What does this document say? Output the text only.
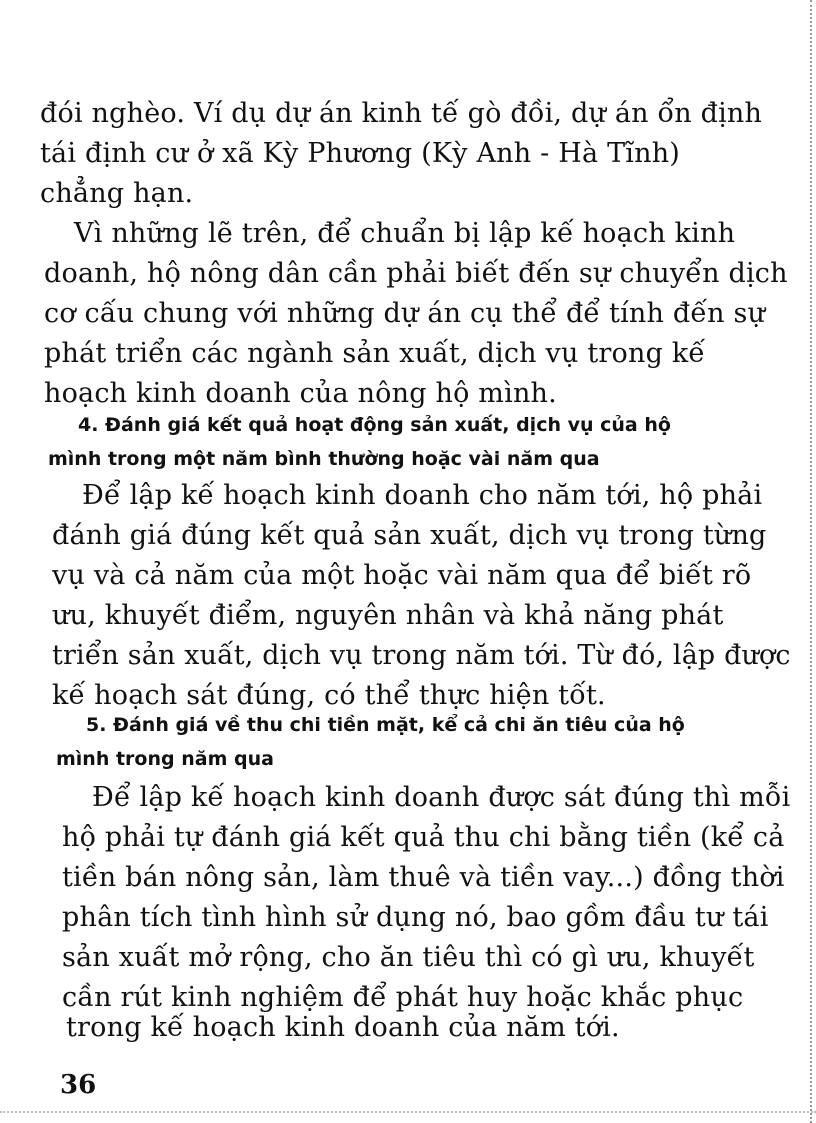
đói nghèo. Ví dụ dự án kinh tế gò đồi, dự án ổn định
tái định cư ở xã Kỳ Phương (Kỳ Anh - Hà Tĩnh)
chẳng hạn.
Vì những lẽ trên, để chuẩn bị lập kế hoạch kinh
doanh, hộ nông dân cần phải biết đến sự chuyển dịch
cơ cấu chung với những dự án cụ thể để tính đến sự
phát triển các ngành sản xuất, dịch vụ trong kế
hoạch kinh doanh của nông hộ mình.
4. Đánh giá kết quả hoạt động sản xuất, dịch vụ của hộ
mình trong một năm bình thường hoặc vài năm qua
Để lập kế hoạch kinh doanh cho năm tới, hộ phải
đánh giá đúng kết quả sản xuất, dịch vụ trong từng
vụ và cả năm của một hoặc vài năm qua để biết rõ
ưu, khuyết điểm, nguyên nhân và khả năng phát
triển sản xuất, dịch vụ trong năm tới. Từ đó, lập được
kế hoạch sát đúng, có thể thực hiện tốt.
5. Đánh giá về thu chi tiền mặt, kể cả chi ăn tiêu của hộ
mình trong năm qua
Để lập kế hoạch kinh doanh được sát đúng thì mỗi
hộ phải tự đánh giá kết quả thu chi bằng tiền (kể cả
tiền bán nông sản, làm thuê và tiền vay...) đồng thời
phân tích tình hình sử dụng nó, bao gồm đầu tư tái
sản xuất mở rộng, cho ăn tiêu thì có gì ưu, khuyết
cần rút kinh nghiệm để phát huy hoặc khắc phục
trong kế hoạch kinh doanh của năm tới.
36
